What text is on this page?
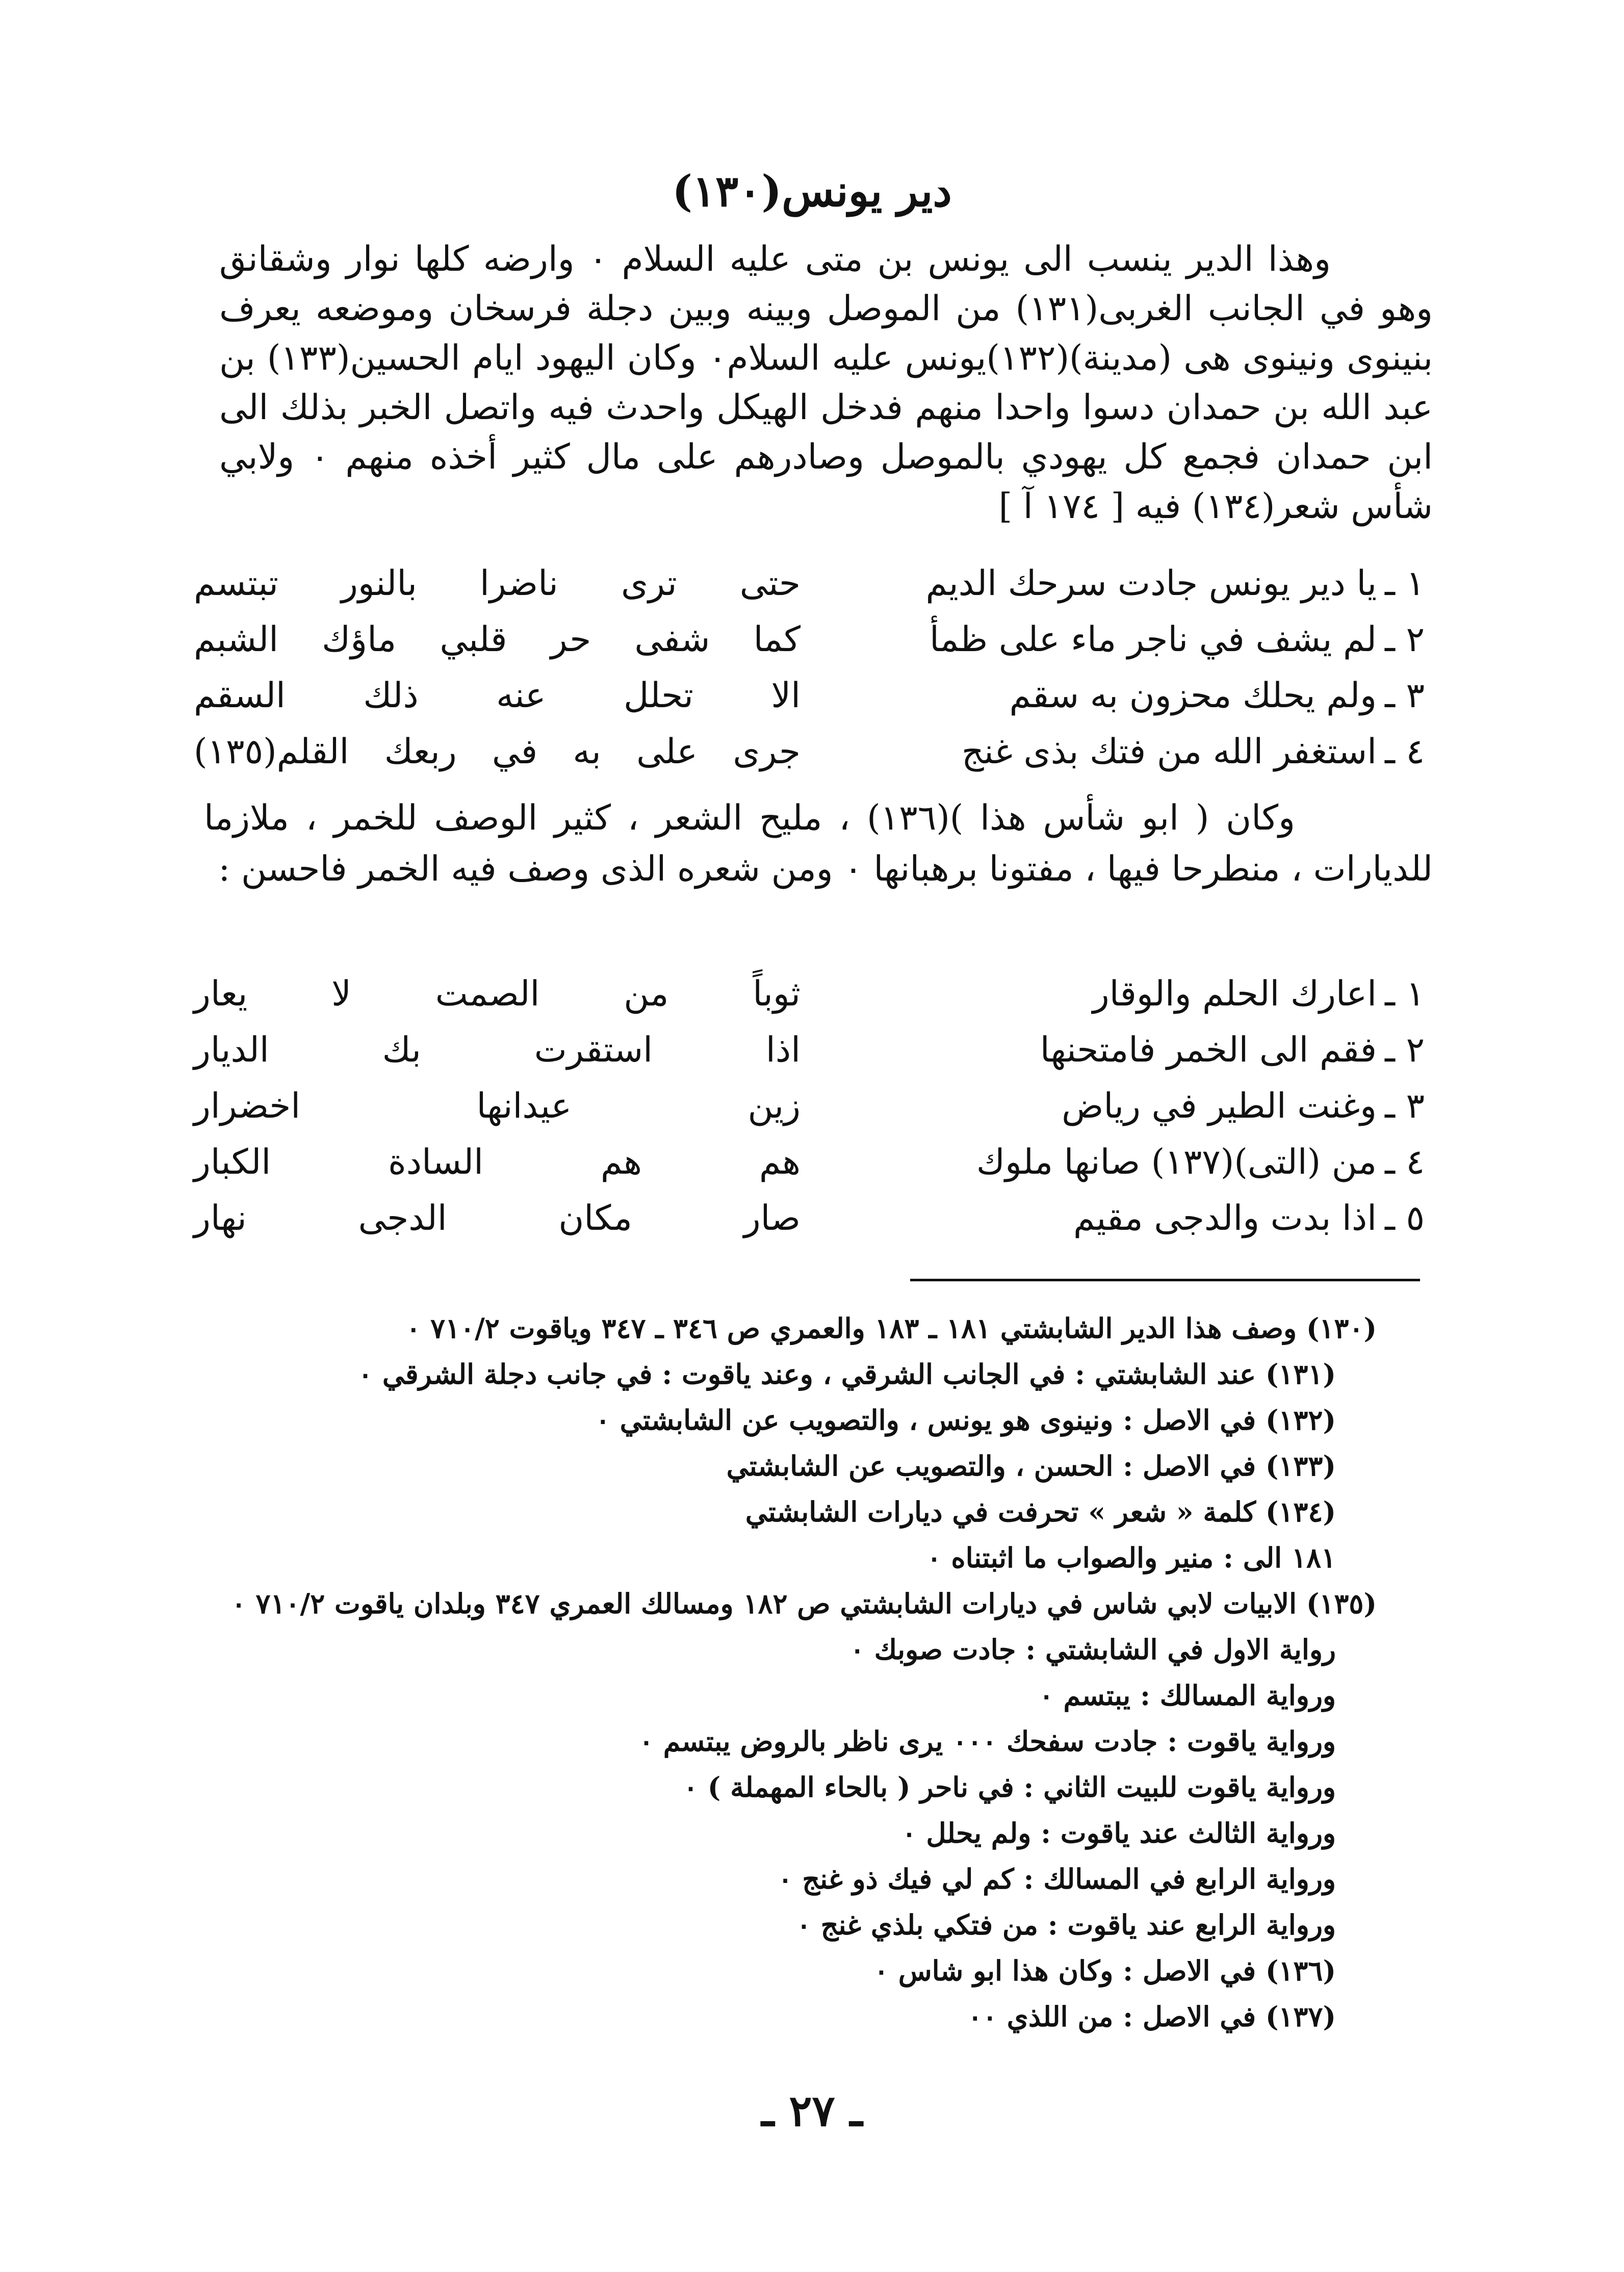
دير يونس(١٣٠)

وهذا الدير ينسب الى يونس بن متى عليه السلام ٠ وارضه كلها نوار وشقانق وهو في الجانب الغربى(١٣١) من الموصل وبينه وبين دجلة فرسخان وموضعه يعرف بنينوى ونينوى هى (مدينة)(١٣٢)يونس عليه السلام٠ وكان اليهود ايام الحسين(١٣٣) بن عبد الله بن حمدان دسوا واحدا منهم فدخل الهيكل واحدث فيه واتصل الخبر بذلك الى ابن حمدان فجمع كل يهودي بالموصل وصادرهم على مال كثير أخذه منهم ٠ ولابي شأس شعر(١٣٤) فيه [ ١٧٤ آ ]

١ ـ
يا دير يونس جادت سرحك الديم
حتى ترى ناضرا بالنور تبتسم
٢ ـ
لم يشف في ناجر ماء على ظمأ
كما شفى حر قلبي ماؤك الشبم
٣ ـ
ولم يحلك محزون به سقم
الا تحلل عنه ذلك السقم
٤ ـ
استغفر الله من فتك بذى غنج
جرى على به في ربعك القلم(١٣٥)

وكان ( ابو شأس هذا )(١٣٦) ، مليح الشعر ، كثير الوصف للخمر ، ملازما للديارات ، منطرحا فيها ، مفتونا برهبانها ٠ ومن شعره الذى وصف فيه الخمر فاحسن :

١ ـ
اعارك الحلم والوقار
ثوباً من الصمت لا يعار
٢ ـ
فقم الى الخمر فامتحنها
اذا استقرت بك الديار
٣ ـ
وغنت الطير في رياض
زين عيدانها اخضرار
٤ ـ
من (التى)(١٣٧) صانها ملوك
هم هم السادة الكبار
٥ ـ
اذا بدت والدجى مقيم
صار مكان الدجى نهار

(١٣٠) وصف هذا الدير الشابشتي ١٨١ ـ ١٨٣ والعمري ص ٣٤٦ ـ ٣٤٧ وياقوت ٧١٠/٢ ٠

(١٣١) عند الشابشتي : في الجانب الشرقي ، وعند ياقوت : في جانب دجلة الشرقي ٠

(١٣٢) في الاصل : ونينوى هو يونس ، والتصويب عن الشابشتي ٠

(١٣٣) في الاصل : الحسن ، والتصويب عن الشابشتي

(١٣٤) كلمة « شعر » تحرفت في ديارات الشابشتي

١٨١ الى : منير والصواب ما اثبتناه ٠

(١٣٥) الابيات لابي شاس في ديارات الشابشتي ص ١٨٢ ومسالك العمري ٣٤٧ وبلدان ياقوت ٧١٠/٢ ٠

رواية الاول في الشابشتي : جادت صوبك ٠

ورواية المسالك : يبتسم ٠

ورواية ياقوت : جادت سفحك ٠٠٠ يرى ناظر بالروض يبتسم ٠

ورواية ياقوت للبيت الثاني : في ناحر ( بالحاء المهملة ) ٠

ورواية الثالث عند ياقوت : ولم يحلل ٠

ورواية الرابع في المسالك : كم لي فيك ذو غنج ٠

ورواية الرابع عند ياقوت : من فتكي بلذي غنج ٠

(١٣٦) في الاصل : وكان هذا ابو شاس ٠

(١٣٧) في الاصل : من اللذي ٠٠

ـ ٢٧ ـ
